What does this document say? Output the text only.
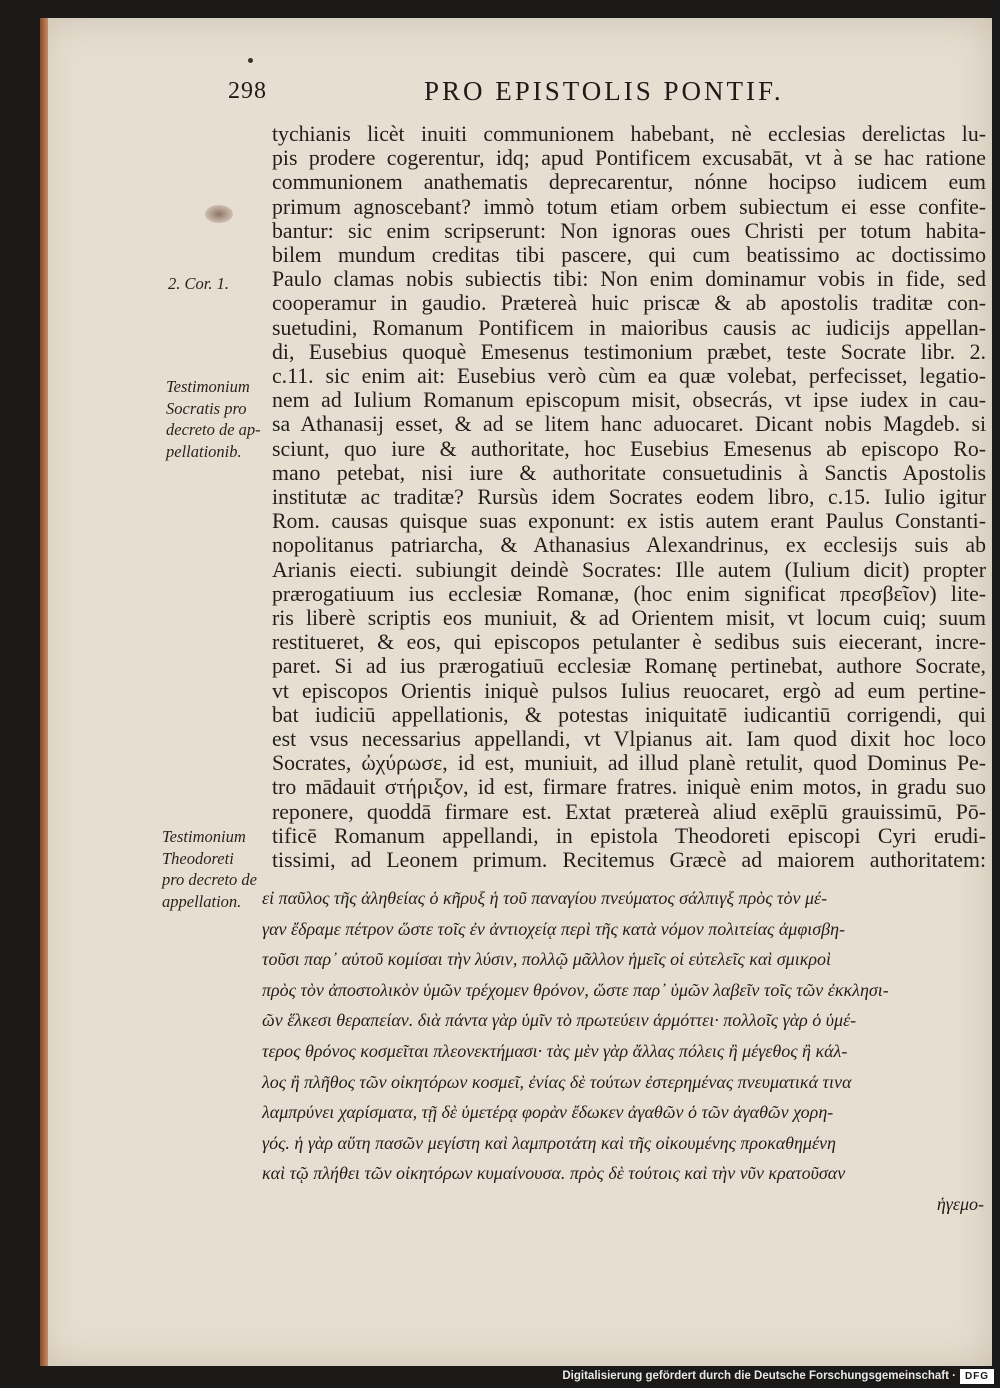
298	PRO EPISTOLIS PONTIF.
tychianis licèt inuiti communionem habebant, nè ecclesias derelictas lu-
pis prodere cogerentur, idq; apud Pontificem excusabāt, vt à se hac ratione
communionem anathematis deprecarentur, nónne hocipso iudicem eum
primum agnoscebant? immò totum etiam orbem subiectum ei esse confite-
bantur: sic enim scripserunt: Non ignoras oues Christi per totum habita-
bilem mundum creditas tibi pascere, qui cum beatissimo ac doctissimo
Paulo clamas nobis subiectis tibi: Non enim dominamur vobis in fide, sed
cooperamur in gaudio. Prætereà huic priscæ & ab apostolis traditæ con-
suetudini, Romanum Pontificem in maioribus causis ac iudicijs appellan-
di, Eusebius quoquè Emesenus testimonium præbet, teste Socrate libr. 2.
c.11. sic enim ait: Eusebius verò cùm ea quæ volebat, perfecisset, legatio-
nem ad Iulium Romanum episcopum misit, obsecrás, vt ipse iudex in cau-
sa Athanasij esset, & ad se litem hanc aduocaret. Dicant nobis Magdeb. si
sciunt, quo iure & authoritate, hoc Eusebius Emesenus ab episcopo Ro-
mano petebat, nisi iure & authoritate consuetudinis à Sanctis Apostolis
institutæ ac traditæ? Rursùs idem Socrates eodem libro, c.15. Iulio igitur
Rom. causas quisque suas exponunt: ex istis autem erant Paulus Constanti-
nopolitanus patriarcha, & Athanasius Alexandrinus, ex ecclesijs suis ab
Arianis eiecti. subiungit deindè Socrates: Ille autem (Iulium dicit) propter
prærogatiuum ius ecclesiæ Romanæ, (hoc enim significat πρεσβεῖον) lite-
ris liberè scriptis eos muniuit, & ad Orientem misit, vt locum cuiq; suum
restitueret, & eos, qui episcopos petulanter è sedibus suis eiecerant, incre-
paret. Si ad ius prærogatiuū ecclesiæ Romanę pertinebat, authore Socrate,
vt episcopos Orientis iniquè pulsos Iulius reuocaret, ergò ad eum pertine-
bat iudiciū appellationis, & potestas iniquitatē iudicantiū corrigendi, qui
est vsus necessarius appellandi, vt Vlpianus ait. Iam quod dixit hoc loco
Socrates, ὠχύρωσε, id est, muniuit, ad illud planè retulit, quod Dominus Pe-
tro mādauit στήριξον, id est, firmare fratres. iniquè enim motos, in gradu suo
reponere, quoddā firmare est. Extat prætereà aliud exēplū grauissimū, Pō-
tificē Romanum appellandi, in epistola Theodoreti episcopi Cyri erudi-
tissimi, ad Leonem primum. Recitemus Græcè ad maiorem authoritatem:
εἰ παῦλος τῆς ἀληθείας ὁ κῆρυξ ἡ τοῦ παναγίου πνεύματος σάλπιγξ πρὸς τὸν μέ-
γαν ἔδραμε πέτρον ὥστε τοῖς ἐν ἀντιοχείᾳ περὶ τῆς κατὰ νόμον πολιτείας ἀμφισβη-
τοῦσι παρ᾽ αὐτοῦ κομίσαι τὴν λύσιν, πολλῷ μᾶλλον ἡμεῖς οἱ εὐτελεῖς καὶ σμικροὶ
πρὸς τὸν ἀποστολικὸν ὑμῶν τρέχομεν θρόνον, ὥστε παρ᾽ ὑμῶν λαβεῖν τοῖς τῶν ἐκκλησι-
ῶν ἕλκεσι θεραπείαν. διὰ πάντα γὰρ ὑμῖν τὸ πρωτεύειν ἁρμόττει· πολλοῖς γὰρ ὁ ὑμέ-
τερος θρόνος κοσμεῖται πλεονεκτήμασι· τὰς μὲν γὰρ ἄλλας πόλεις ἢ μέγεθος ἢ κάλ-
λος ἢ πλῆθος τῶν οἰκητόρων κοσμεῖ, ἐνίας δὲ τούτων ἐστερημένας πνευματικά τινα
λαμπρύνει χαρίσματα, τῇ δὲ ὑμετέρᾳ φορὰν ἔδωκεν ἀγαθῶν ὁ τῶν ἀγαθῶν χορη-
γός. ἡ γὰρ αὕτη πασῶν μεγίστη καὶ λαμπροτάτη καὶ τῆς οἰκουμένης προκαθημένη
καὶ τῷ πλήθει τῶν οἰκητόρων κυμαίνουσα. πρὸς δὲ τούτοις καὶ τὴν νῦν κρατοῦσαν
ἡγεμο-
2. Cor. 1.
Testimonium
Socratis pro
decreto de ap-
pellationib.
Testimonium
Theodoreti
pro decreto de
appellation.
Digitalisierung gefördert durch die Deutsche Forschungsgemeinschaft · DFG
